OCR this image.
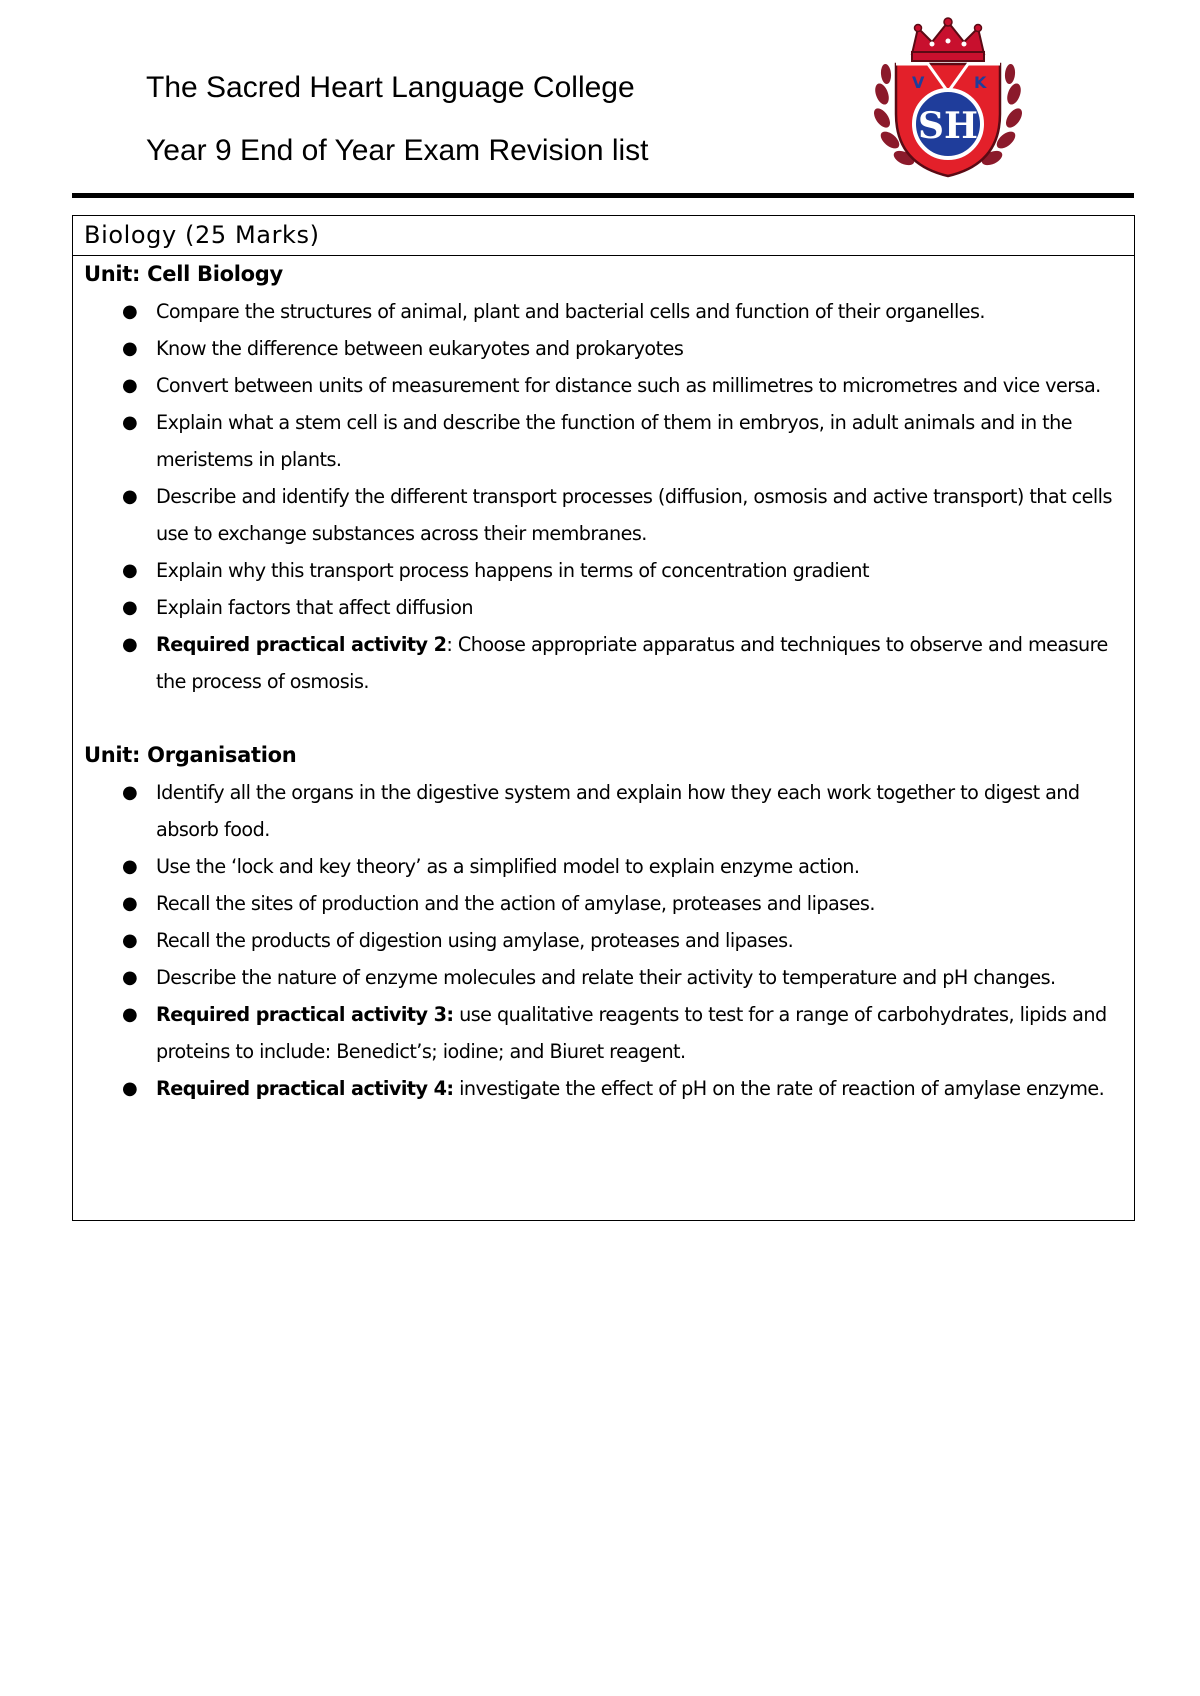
The Sacred Heart Language College
Year 9 End of Year Exam Revision list
V	K
SH
Biology (25 Marks)
Unit: Cell Biology
● Compare the structures of animal, plant and bacterial cells and function of their organelles.
● Know the difference between eukaryotes and prokaryotes
● Convert between units of measurement for distance such as millimetres to micrometres and vice versa.
● Explain what a stem cell is and describe the function of them in embryos, in adult animals and in the meristems in plants.
● Describe and identify the different transport processes (diffusion, osmosis and active transport) that cells use to exchange substances across their membranes.
● Explain why this transport process happens in terms of concentration gradient
● Explain factors that affect diffusion
● Required practical activity 2: Choose appropriate apparatus and techniques to observe and measure the process of osmosis.
Unit: Organisation
● Identify all the organs in the digestive system and explain how they each work together to digest and absorb food.
● Use the ‘lock and key theory’ as a simplified model to explain enzyme action.
● Recall the sites of production and the action of amylase, proteases and lipases.
● Recall the products of digestion using amylase, proteases and lipases.
● Describe the nature of enzyme molecules and relate their activity to temperature and pH changes.
● Required practical activity 3: use qualitative reagents to test for a range of carbohydrates, lipids and proteins to include: Benedict’s; iodine; and Biuret reagent.
● Required practical activity 4: investigate the effect of pH on the rate of reaction of amylase enzyme.
